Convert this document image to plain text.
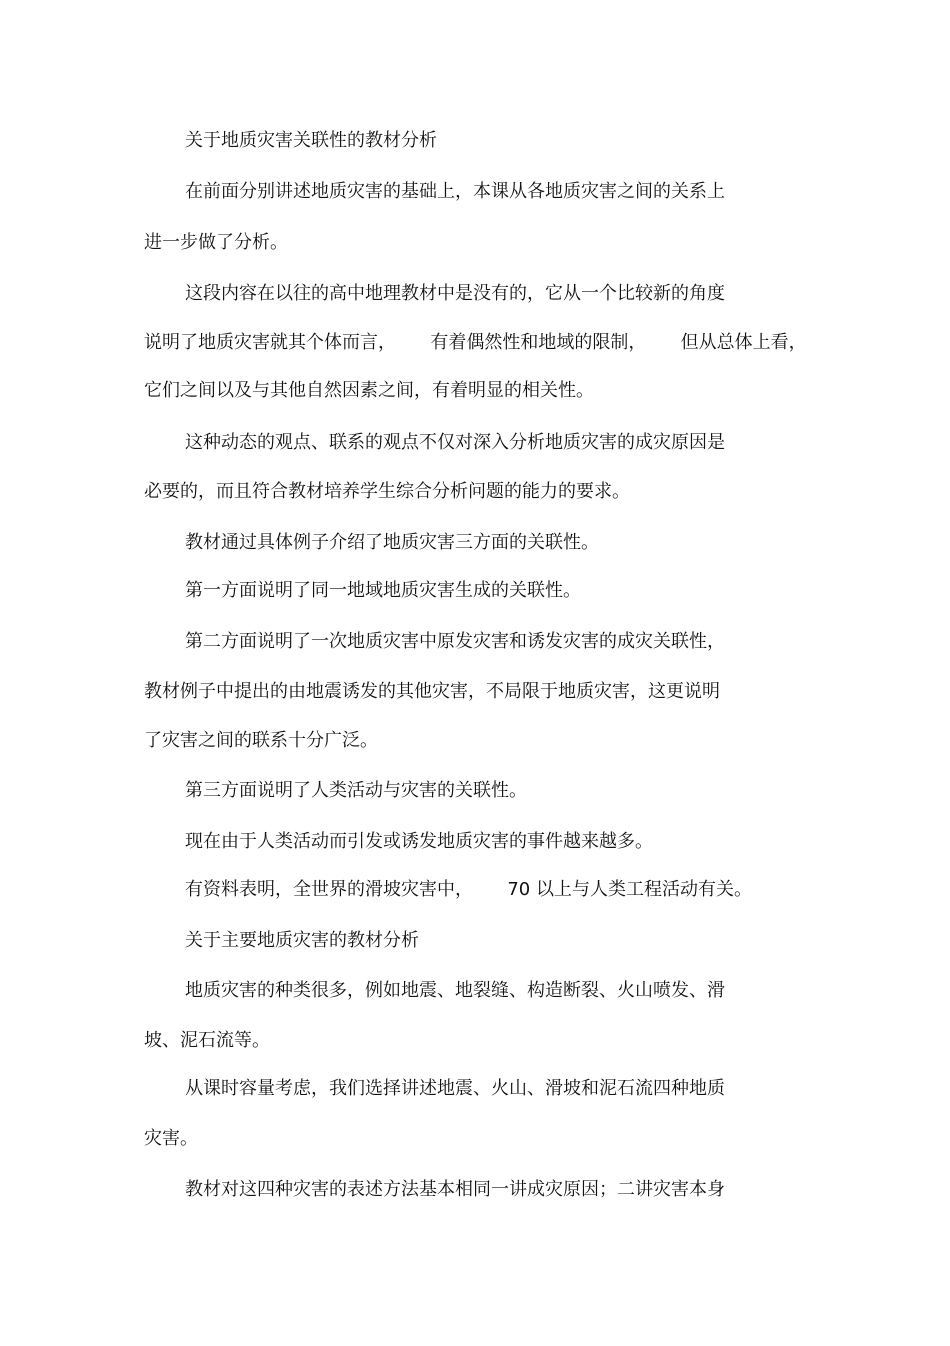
关于地质灾害关联性的教材分析
在前面分别讲述地质灾害的基础上，本课从各地质灾害之间的关系上
进一步做了分析。
这段内容在以往的高中地理教材中是没有的，它从一个比较新的角度
说明了地质灾害就其个体而言，      有着偶然性和地域的限制，      但从总体上看，
它们之间以及与其他自然因素之间，有着明显的相关性。
这种动态的观点、联系的观点不仅对深入分析地质灾害的成灾原因是
必要的，而且符合教材培养学生综合分析问题的能力的要求。
教材通过具体例子介绍了地质灾害三方面的关联性。
第一方面说明了同一地域地质灾害生成的关联性。
第二方面说明了一次地质灾害中原发灾害和诱发灾害的成灾关联性，
教材例子中提出的由地震诱发的其他灾害，不局限于地质灾害，这更说明
了灾害之间的联系十分广泛。
第三方面说明了人类活动与灾害的关联性。
现在由于人类活动而引发或诱发地质灾害的事件越来越多。
有资料表明，全世界的滑坡灾害中，      70 以上与人类工程活动有关。
关于主要地质灾害的教材分析
地质灾害的种类很多，例如地震、地裂缝、构造断裂、火山喷发、滑
坡、泥石流等。
从课时容量考虑，我们选择讲述地震、火山、滑坡和泥石流四种地质
灾害。
教材对这四种灾害的表述方法基本相同一讲成灾原因；二讲灾害本身
